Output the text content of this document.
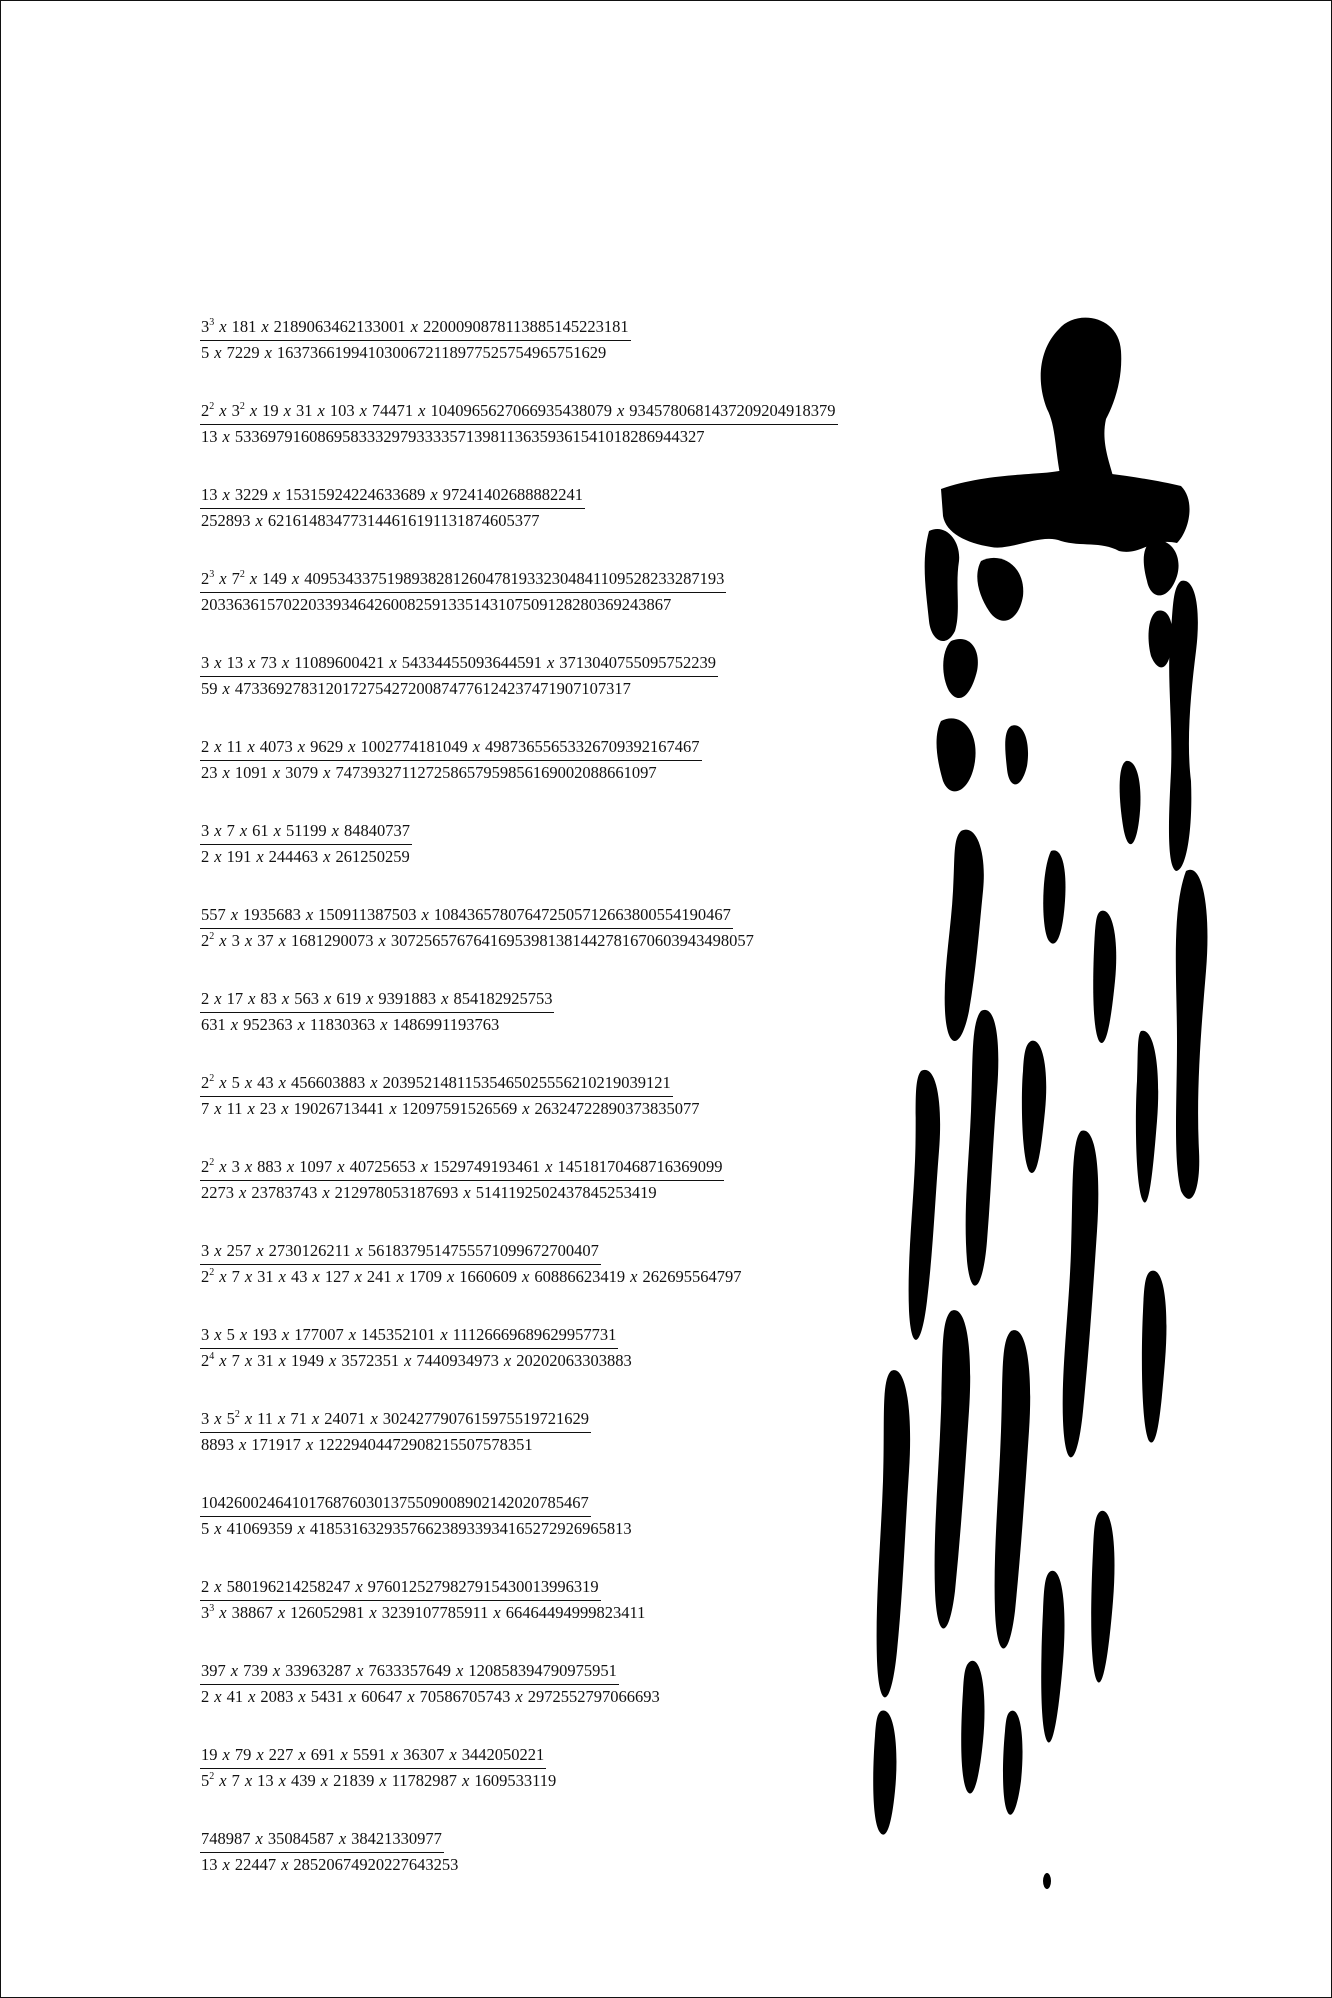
$3^3$ x 181 x 2189063462133001 x 2200090878113885145223181
5 x 7229 x 1637366199410300672118977525754965751629
$2^2$ x $3^2$ x 19 x 31 x 103 x 74471 x 1040965627066935438079 x 9345780681437209204918379
13 x 533697916086958333297933335713981136359361541018286944327
13 x 3229 x 15315924224633689 x 97241402688882241
252893 x 621614834773144616191131874605377
$2^3$ x $7^2$ x 149 x 409534337519893828126047819332304841109528233287193
203363615702203393464260082591335143107509128280369243867
3 x 13 x 73 x 11089600421 x 54334455093644591 x 3713040755095752239
59 x 473369278312017275427200874776124237471907107317
2 x 11 x 4073 x 9629 x 1002774181049 x 49873655653326709392167467
23 x 1091 x 3079 x 747393271127258657959856169002088661097
3 x 7 x 61 x 51199 x 84840737
2 x 191 x 244463 x 261250259
557 x 1935683 x 150911387503 x 108436578076472505712663800554190467
$2^2$ x 3 x 37 x 1681290073 x 30725657676416953981381442781670603943498057
2 x 17 x 83 x 563 x 619 x 9391883 x 854182925753
631 x 952363 x 11830363 x 1486991193763
$2^2$ x 5 x 43 x 456603883 x 20395214811535465025556210219039121
7 x 11 x 23 x 19026713441 x 12097591526569 x 26324722890373835077
$2^2$ x 3 x 883 x 1097 x 40725653 x 1529749193461 x 14518170468716369099
2273 x 23783743 x 212978053187693 x 5141192502437845253419
3 x 257 x 2730126211 x 5618379514755571099672700407
$2^2$ x 7 x 31 x 43 x 127 x 241 x 1709 x 1660609 x 60886623419 x 262695564797
3 x 5 x 193 x 177007 x 145352101 x 11126669689629957731
$2^4$ x 7 x 31 x 1949 x 3572351 x 7440934973 x 20202063303883
3 x $5^2$ x 11 x 71 x 24071 x 3024277907615975519721629
8893 x 171917 x 12229404472908215507578351
10426002464101768760301375509008902142020785467
5 x 41069359 x 418531632935766238933934165272926965813
2 x 580196214258247 x 9760125279827915430013996319
$3^3$ x 38867 x 126052981 x 3239107785911 x 66464494999823411
397 x 739 x 33963287 x 7633357649 x 120858394790975951
2 x 41 x 2083 x 5431 x 60647 x 70586705743 x 2972552797066693
19 x 79 x 227 x 691 x 5591 x 36307 x 3442050221
$5^2$ x 7 x 13 x 439 x 21839 x 11782987 x 1609533119
748987 x 35084587 x 38421330977
13 x 22447 x 28520674920227643253
